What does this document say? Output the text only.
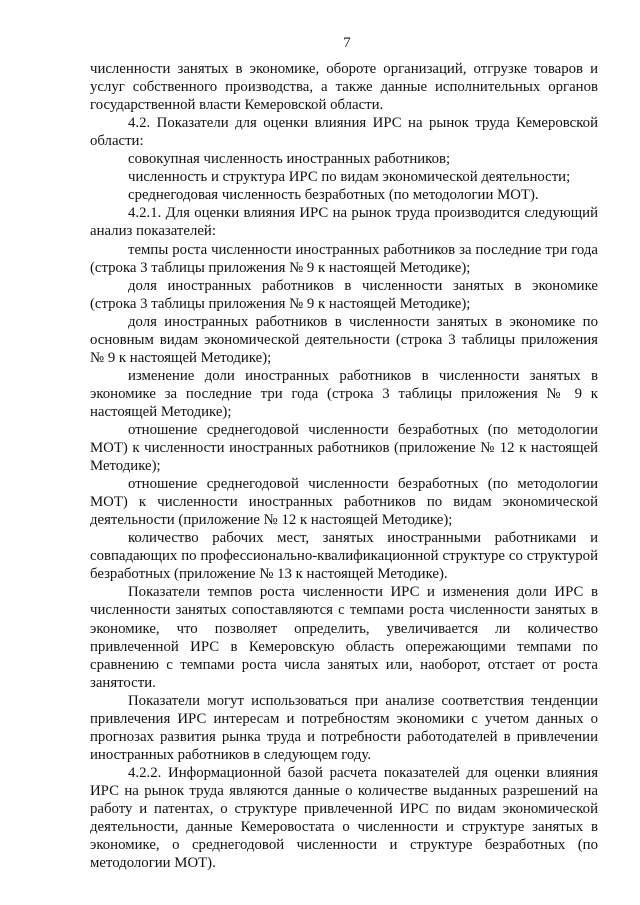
7

численности занятых в экономике, обороте организаций, отгрузке товаров и услуг собственного производства, а также данные исполнительных органов государственной власти Кемеровской области.

4.2. Показатели для оценки влияния ИРС на рынок труда Кемеровской области:

совокупная численность иностранных работников;

численность и структура ИРС по видам экономической деятельности;

среднегодовая численность безработных (по методологии МОТ).

4.2.1. Для оценки влияния ИРС на рынок труда производится следующий анализ показателей:

темпы роста численности иностранных работников за последние три года (строка 3 таблицы приложения № 9 к настоящей Методике);

доля иностранных работников в численности занятых в экономике (строка 3 таблицы приложения № 9 к настоящей Методике);

доля иностранных работников в численности занятых в экономике по основным видам экономической деятельности (строка 3 таблицы приложения № 9 к настоящей Методике);

изменение доли иностранных работников в численности занятых в экономике за последние три года (строка 3 таблицы приложения № 9 к настоящей Методике);

отношение среднегодовой численности безработных (по методологии МОТ) к численности иностранных работников (приложение № 12 к настоящей Методике);

отношение среднегодовой численности безработных (по методологии МОТ) к численности иностранных работников по видам экономической деятельности (приложение № 12 к настоящей Методике);

количество рабочих мест, занятых иностранными работниками и совпадающих по профессионально-квалификационной структуре со структурой безработных (приложение № 13 к настоящей Методике).

Показатели темпов роста численности ИРС и изменения доли ИРС в численности занятых сопоставляются с темпами роста численности занятых в экономике, что позволяет определить, увеличивается ли количество привлеченной ИРС в Кемеровскую область опережающими темпами по сравнению с темпами роста числа занятых или, наоборот, отстает от роста занятости.

Показатели могут использоваться при анализе соответствия тенденции привлечения ИРС интересам и потребностям экономики с учетом данных о прогнозах развития рынка труда и потребности работодателей в привлечении иностранных работников в следующем году.

4.2.2. Информационной базой расчета показателей для оценки влияния ИРС на рынок труда являются данные о количестве выданных разрешений на работу и патентах, о структуре привлеченной ИРС по видам экономической деятельности, данные Кемеровостата о численности и структуре занятых в экономике, о среднегодовой численности и структуре безработных (по методологии МОТ).
